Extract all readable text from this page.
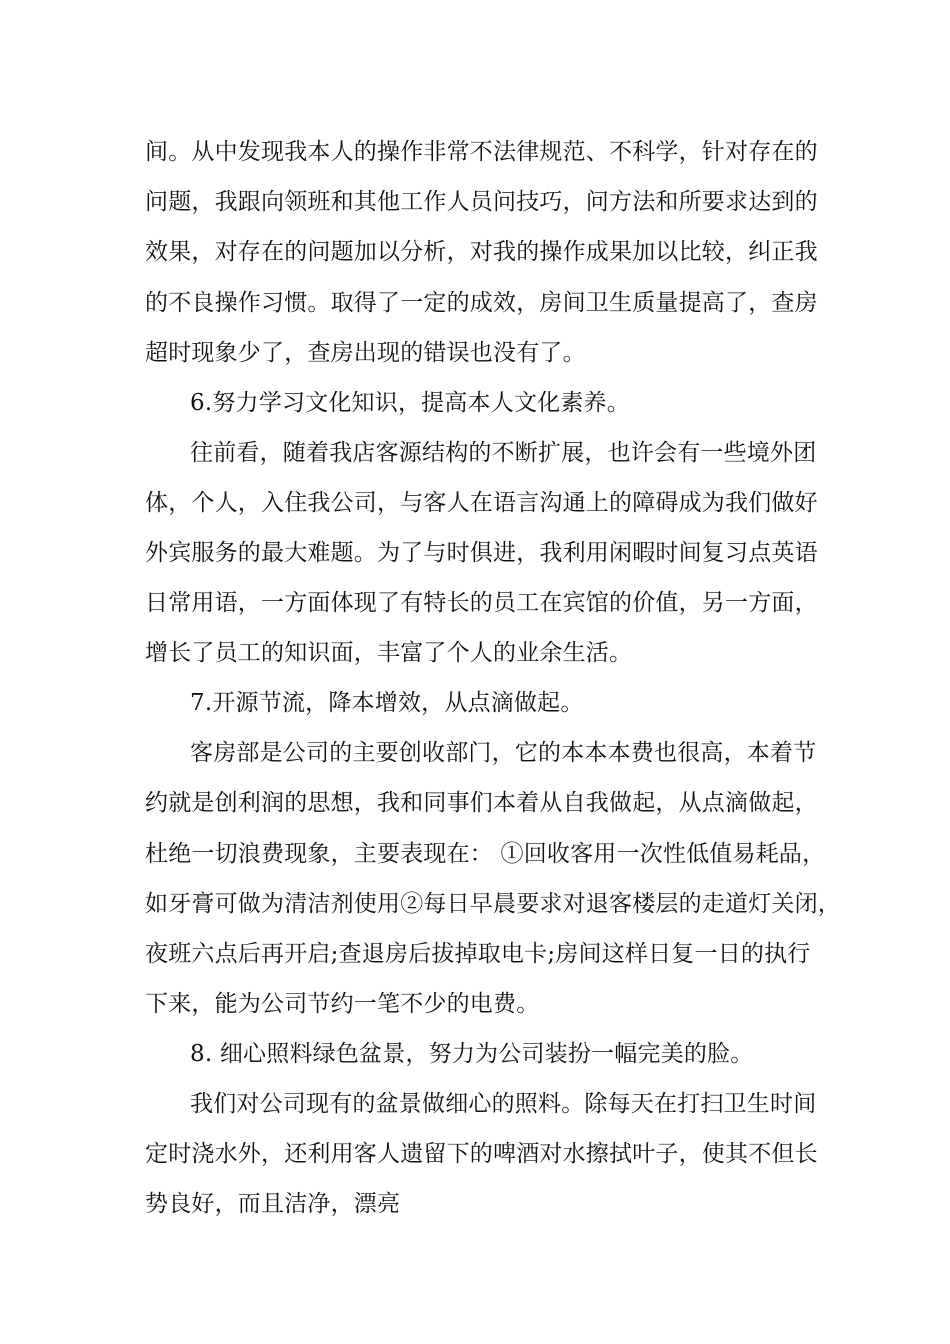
间。从中发现我本人的操作非常不法律规范、不科学，针对存在的
问题，我跟向领班和其他工作人员问技巧，问方法和所要求达到的
效果，对存在的问题加以分析，对我的操作成果加以比较，纠正我
的不良操作习惯。取得了一定的成效，房间卫生质量提高了，查房
超时现象少了，查房出现的错误也没有了。
6.努力学习文化知识，提高本人文化素养。
往前看，随着我店客源结构的不断扩展，也许会有一些境外团
体，个人，入住我公司，与客人在语言沟通上的障碍成为我们做好
外宾服务的最大难题。为了与时俱进，我利用闲暇时间复习点英语
日常用语，一方面体现了有特长的员工在宾馆的价值，另一方面，
增长了员工的知识面，丰富了个人的业余生活。
7.开源节流，降本增效，从点滴做起。
客房部是公司的主要创收部门，它的本本本费也很高，本着节
约就是创利润的思想，我和同事们本着从自我做起，从点滴做起，
杜绝一切浪费现象，主要表现在： ①回收客用一次性低值易耗品，
如牙膏可做为清洁剂使用②每日早晨要求对退客楼层的走道灯关闭，
夜班六点后再开启;查退房后拔掉取电卡;房间这样日复一日的执行
下来，能为公司节约一笔不少的电费。
8. 细心照料绿色盆景，努力为公司装扮一幅完美的脸。
我们对公司现有的盆景做细心的照料。除每天在打扫卫生时间
定时浇水外，还利用客人遗留下的啤酒对水擦拭叶子，使其不但长
势良好，而且洁净，漂亮
